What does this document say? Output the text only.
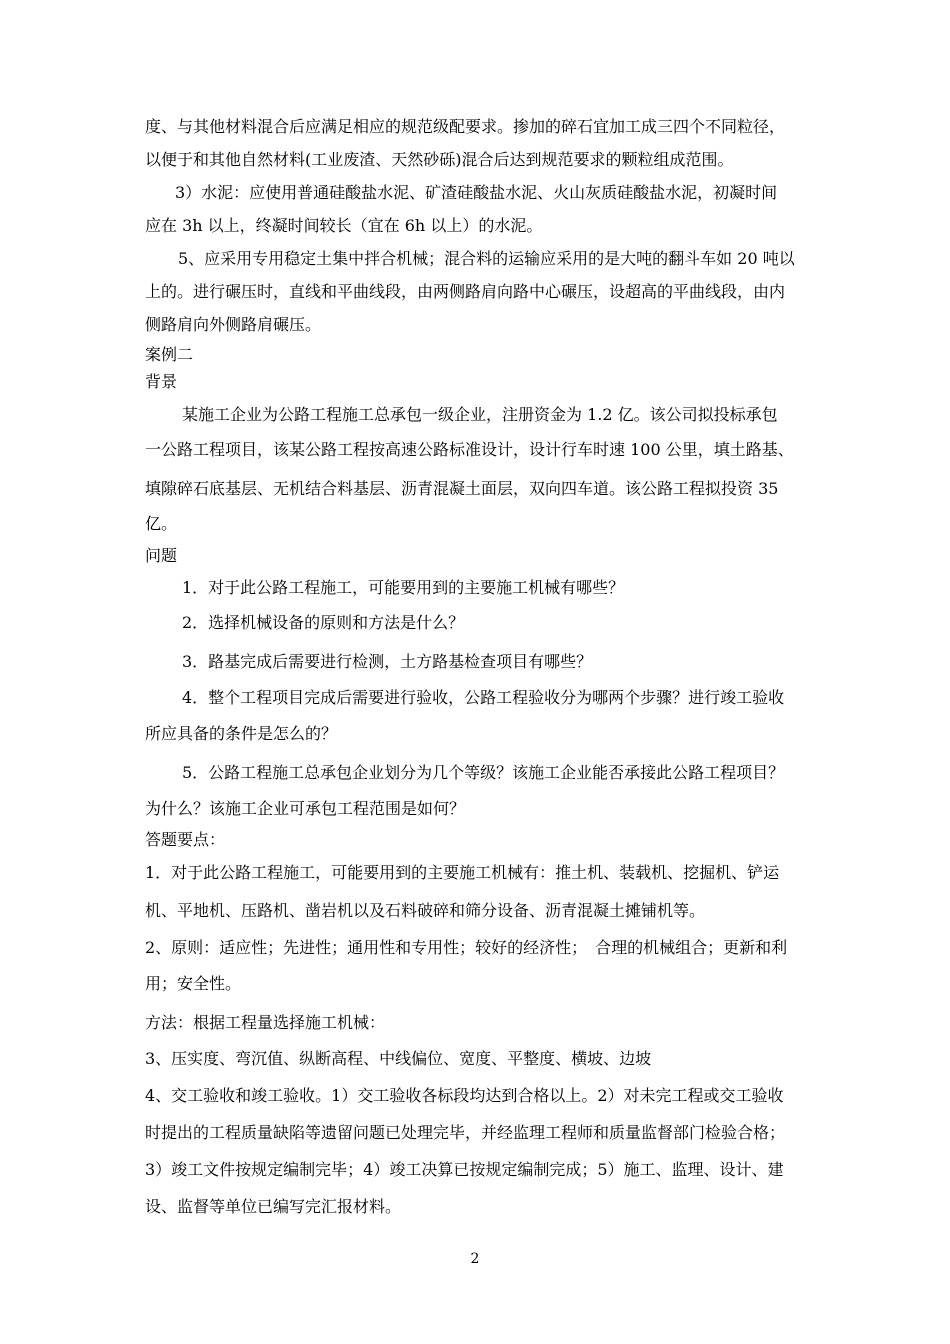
度、与其他材料混合后应满足相应的规范级配要求。掺加的碎石宜加工成三四个不同粒径，
以便于和其他自然材料(工业废渣、天然砂砾)混合后达到规范要求的颗粒组成范围。
3）水泥：应使用普通硅酸盐水泥、矿渣硅酸盐水泥、火山灰质硅酸盐水泥，初凝时间
应在 3h 以上，终凝时间较长（宜在 6h 以上）的水泥。
5、应采用专用稳定土集中拌合机械；混合料的运输应采用的是大吨的翻斗车如 20 吨以
上的。进行碾压时，直线和平曲线段，由两侧路肩向路中心碾压，设超高的平曲线段，由内
侧路肩向外侧路肩碾压。
案例二
背景
某施工企业为公路工程施工总承包一级企业，注册资金为 1.2 亿。该公司拟投标承包
一公路工程项目，该某公路工程按高速公路标准设计，设计行车时速 100 公里，填土路基、
填隙碎石底基层、无机结合料基层、沥青混凝土面层，双向四车道。该公路工程拟投资 35
亿。
问题
1．对于此公路工程施工，可能要用到的主要施工机械有哪些？
2．选择机械设备的原则和方法是什么？
3．路基完成后需要进行检测，土方路基检查项目有哪些？
4．整个工程项目完成后需要进行验收，公路工程验收分为哪两个步骤？进行竣工验收
所应具备的条件是怎么的？
5．公路工程施工总承包企业划分为几个等级？该施工企业能否承接此公路工程项目？
为什么？该施工企业可承包工程范围是如何？
答题要点：
1．对于此公路工程施工，可能要用到的主要施工机械有：推土机、装载机、挖掘机、铲运
机、平地机、压路机、凿岩机以及石料破碎和筛分设备、沥青混凝土摊铺机等。
2、原则：适应性；先进性；通用性和专用性；较好的经济性；　合理的机械组合；更新和利
用；安全性。
方法：根据工程量选择施工机械：
3、压实度、弯沉值、纵断高程、中线偏位、宽度、平整度、横坡、边坡
4、交工验收和竣工验收。1）交工验收各标段均达到合格以上。2）对未完工程或交工验收
时提出的工程质量缺陷等遗留问题已处理完毕，并经监理工程师和质量监督部门检验合格；
3）竣工文件按规定编制完毕；4）竣工决算已按规定编制完成；5）施工、监理、设计、建
设、监督等单位已编写完汇报材料。
2
